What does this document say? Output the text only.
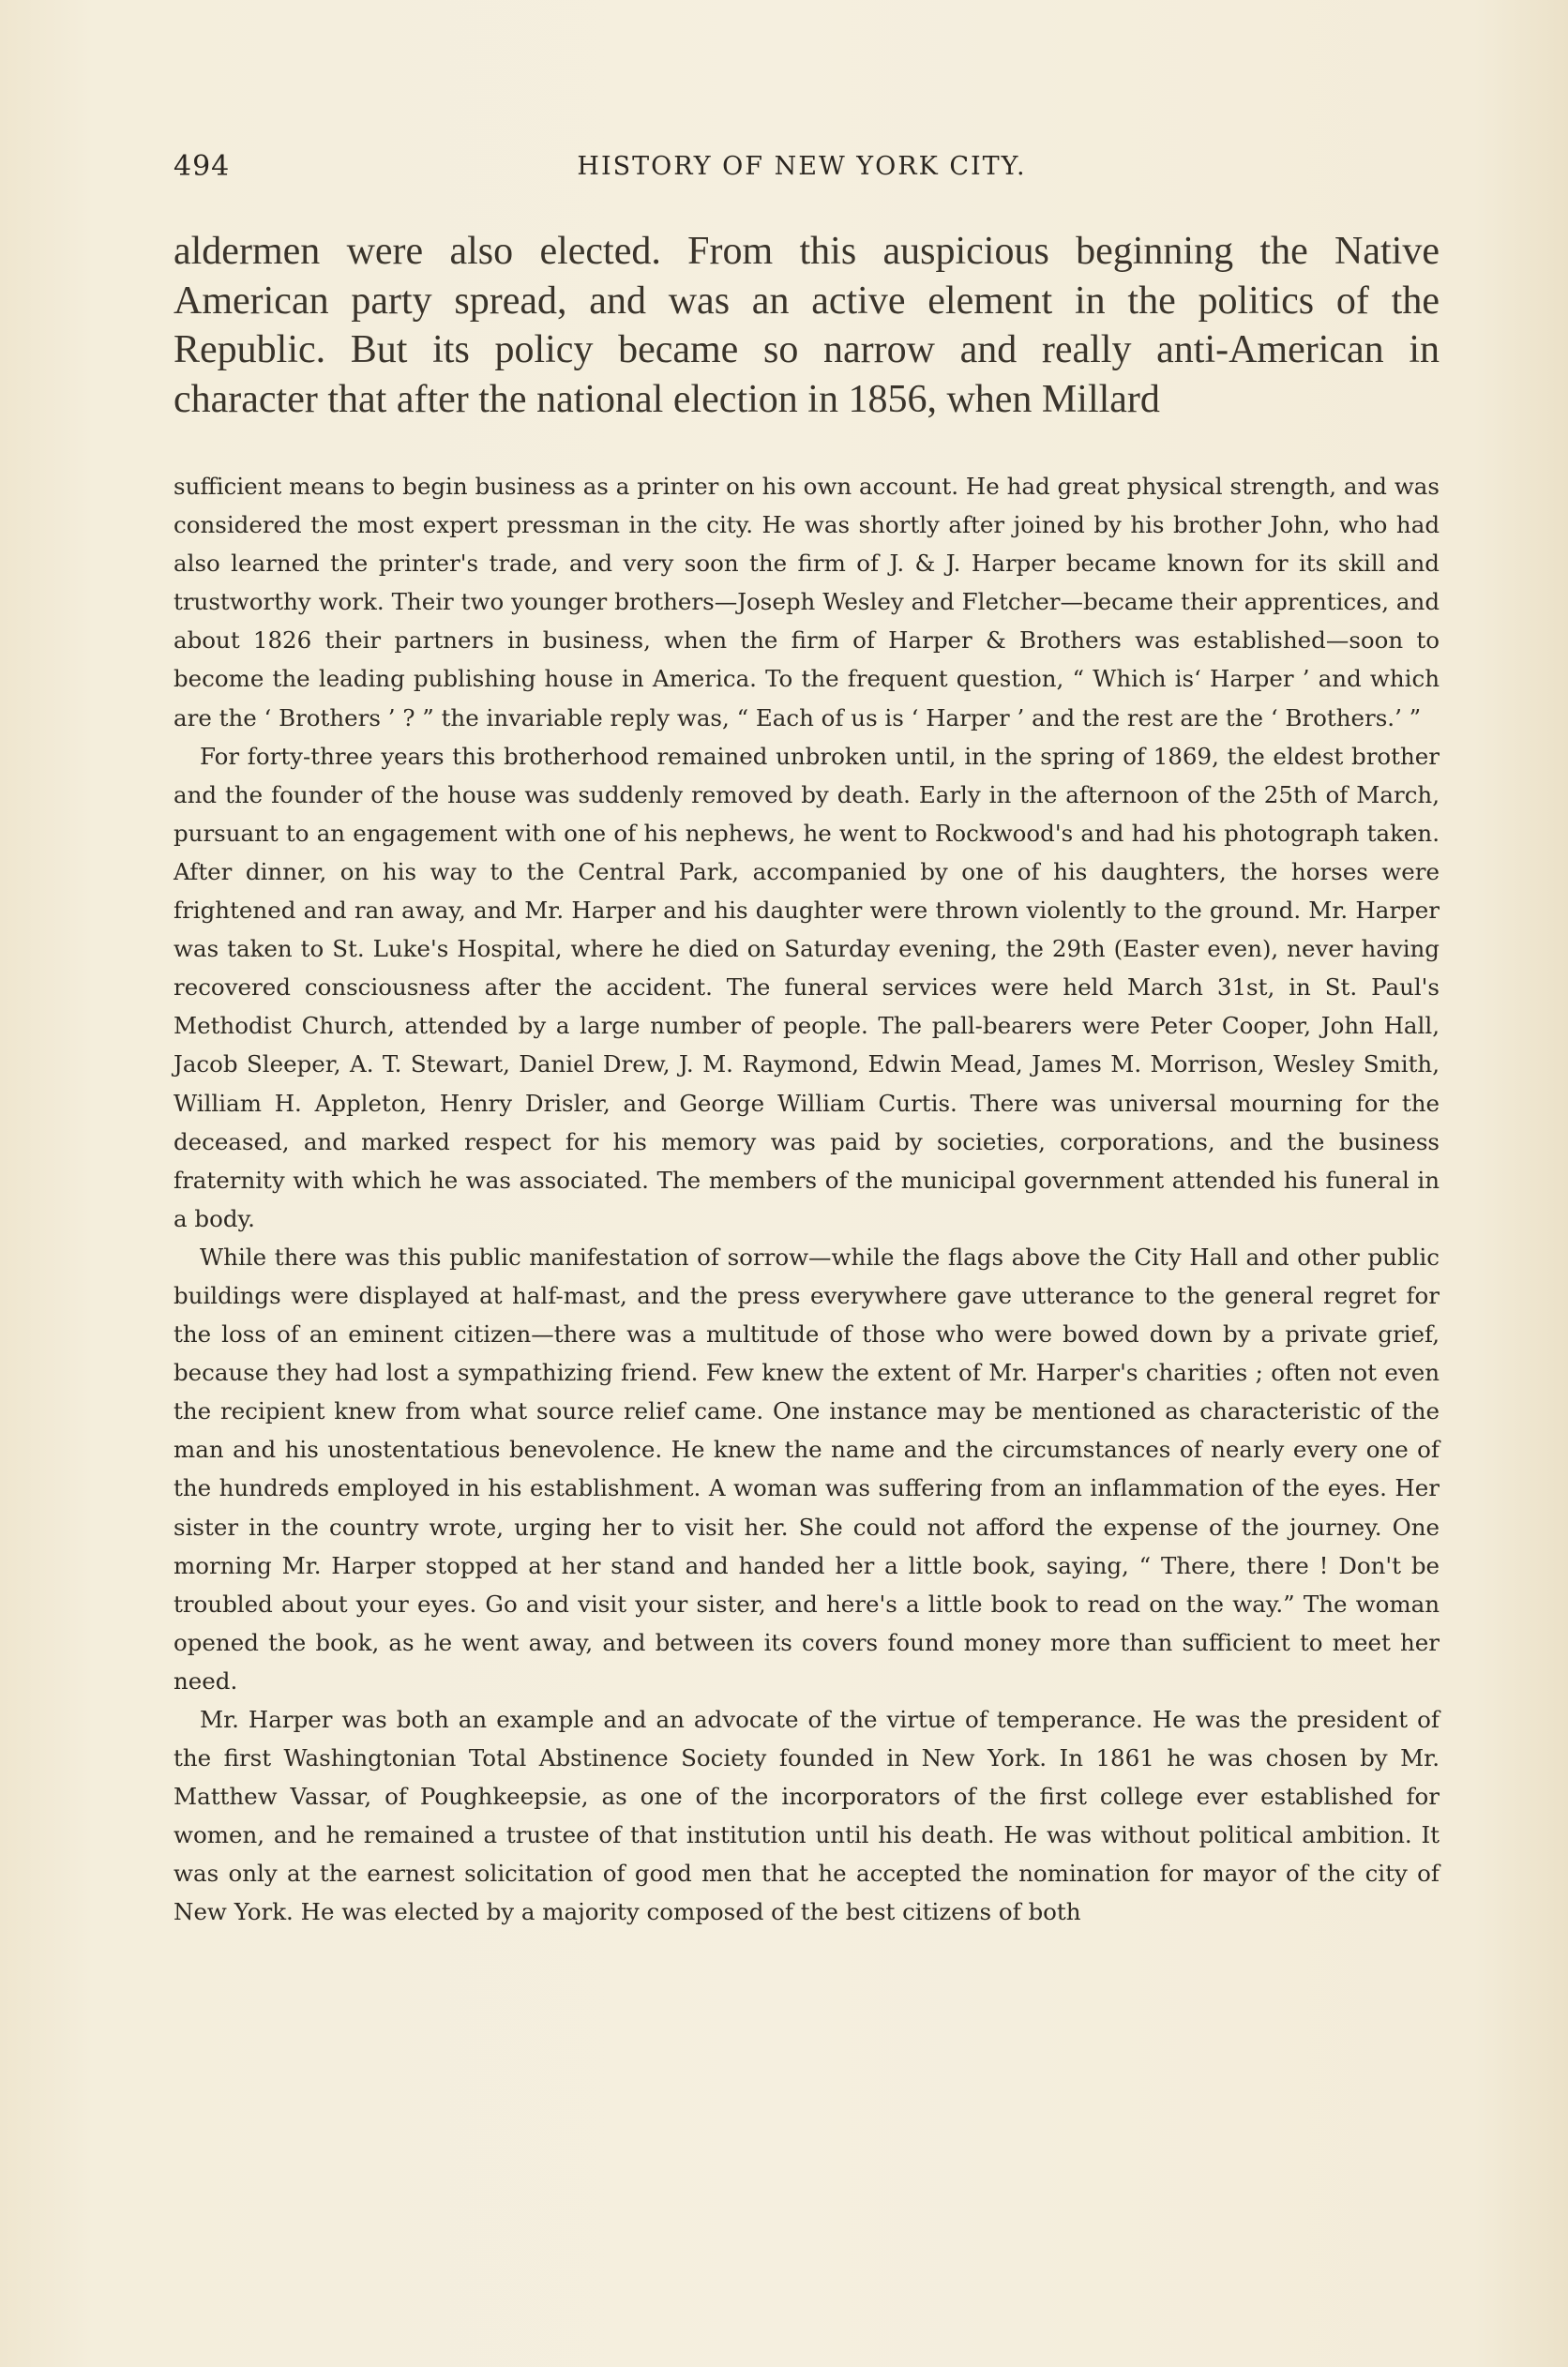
494	HISTORY OF NEW YORK CITY.

aldermen were also elected. From this auspicious beginning the Native American party spread, and was an active element in the politics of the Republic. But its policy became so narrow and really anti-American in character that after the national election in 1856, when Millard

sufficient means to begin business as a printer on his own account. He had great physical strength, and was considered the most expert pressman in the city. He was shortly after joined by his brother John, who had also learned the printer's trade, and very soon the firm of J. & J. Harper became known for its skill and trustworthy work. Their two younger brothers—Joseph Wesley and Fletcher—became their apprentices, and about 1826 their partners in business, when the firm of Harper & Brothers was established—soon to become the leading publishing house in America. To the frequent question, “ Which is‘ Harper ’ and which are the ‘ Brothers ’ ? ” the invariable reply was, “ Each of us is ‘ Harper ’ and the rest are the ‘ Brothers.’ ”

For forty-three years this brotherhood remained unbroken until, in the spring of 1869, the eldest brother and the founder of the house was suddenly removed by death. Early in the afternoon of the 25th of March, pursuant to an engagement with one of his nephews, he went to Rockwood's and had his photograph taken. After dinner, on his way to the Central Park, accompanied by one of his daughters, the horses were frightened and ran away, and Mr. Harper and his daughter were thrown violently to the ground. Mr. Harper was taken to St. Luke's Hospital, where he died on Saturday evening, the 29th (Easter even), never having recovered consciousness after the accident. The funeral services were held March 31st, in St. Paul's Methodist Church, attended by a large number of people. The pall-bearers were Peter Cooper, John Hall, Jacob Sleeper, A. T. Stewart, Daniel Drew, J. M. Raymond, Edwin Mead, James M. Morrison, Wesley Smith, William H. Appleton, Henry Drisler, and George William Curtis. There was universal mourning for the deceased, and marked respect for his memory was paid by societies, corporations, and the business fraternity with which he was associated. The members of the municipal government attended his funeral in a body.

While there was this public manifestation of sorrow—while the flags above the City Hall and other public buildings were displayed at half-mast, and the press everywhere gave utterance to the general regret for the loss of an eminent citizen—there was a multitude of those who were bowed down by a private grief, because they had lost a sympathizing friend. Few knew the extent of Mr. Harper's charities ; often not even the recipient knew from what source relief came. One instance may be mentioned as characteristic of the man and his unostentatious benevolence. He knew the name and the circumstances of nearly every one of the hundreds employed in his establishment. A woman was suffering from an inflammation of the eyes. Her sister in the country wrote, urging her to visit her. She could not afford the expense of the journey. One morning Mr. Harper stopped at her stand and handed her a little book, saying, “ There, there ! Don't be troubled about your eyes. Go and visit your sister, and here's a little book to read on the way.” The woman opened the book, as he went away, and between its covers found money more than sufficient to meet her need.

Mr. Harper was both an example and an advocate of the virtue of temperance. He was the president of the first Washingtonian Total Abstinence Society founded in New York. In 1861 he was chosen by Mr. Matthew Vassar, of Poughkeepsie, as one of the incorporators of the first college ever established for women, and he remained a trustee of that institution until his death. He was without political ambition. It was only at the earnest solicitation of good men that he accepted the nomination for mayor of the city of New York. He was elected by a majority composed of the best citizens of both
